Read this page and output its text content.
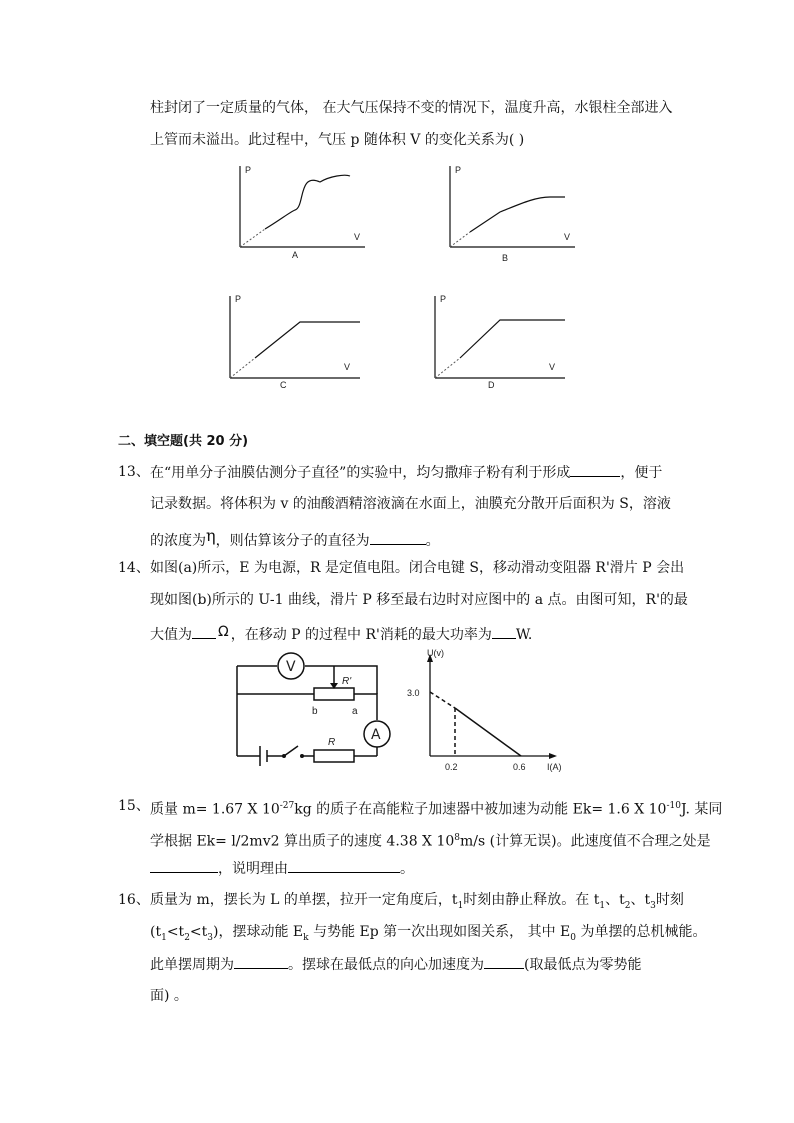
柱封闭了一定质量的气体， 在大气压保持不变的情况下，温度升高，水银柱全部进入
上管而未溢出。此过程中，气压 p 随体积 V 的变化关系为( )
P
V
A
P
V
B
P
V
C
P
V
D
二、填空题(共 20 分)
13、 在“用单分子油膜估测分子直径”的实验中，均匀撒痱子粉有利于形成	，便于
记录数据。将体积为 v 的油酸酒精溶液滴在水面上，油膜充分散开后面积为 S，溶液
的浓度为η，则估算该分子的直径为	。
14、 如图(a)所示，E 为电源，R 是定值电阻。闭合电键 S，移动滑动变阻器 R'滑片 P 会出
现如图(b)所示的 U-1 曲线，滑片 P 移至最右边时对应图中的 a 点。由图可知，R'的最
大值为 Ω ，在移动 P 的过程中 R'消耗的最大功率为 W.
V
A
R'
b	a
R
U(v)
I(A)
3.0
0.2	0.6
15、 质量 m= 1.67 X $10^{-27}kg$ 的质子在高能粒子加速器中被加速为动能 Ek= 1.6 X $10^{-10}J$. 某同
学根据 Ek= l/2mv2 算出质子的速度 4.38 X $10^8m/s$ (计算无误)。此速度值不合理之处是
，说明理由	。
16、 质量为 m，摆长为 L 的单摆，拉开一定角度后，$t_1$时刻由静止释放。在 $t_1$、$t_2$、$t_3$时刻
$(t_1<t_2<t_3)$，摆球动能 $E_k$ 与势能 Ep 第一次出现如图关系， 其中 $E_0$ 为单摆的总机械能。
此单摆周期为	。摆球在最低点的向心加速度为	(取最低点为零势能
面) 。
